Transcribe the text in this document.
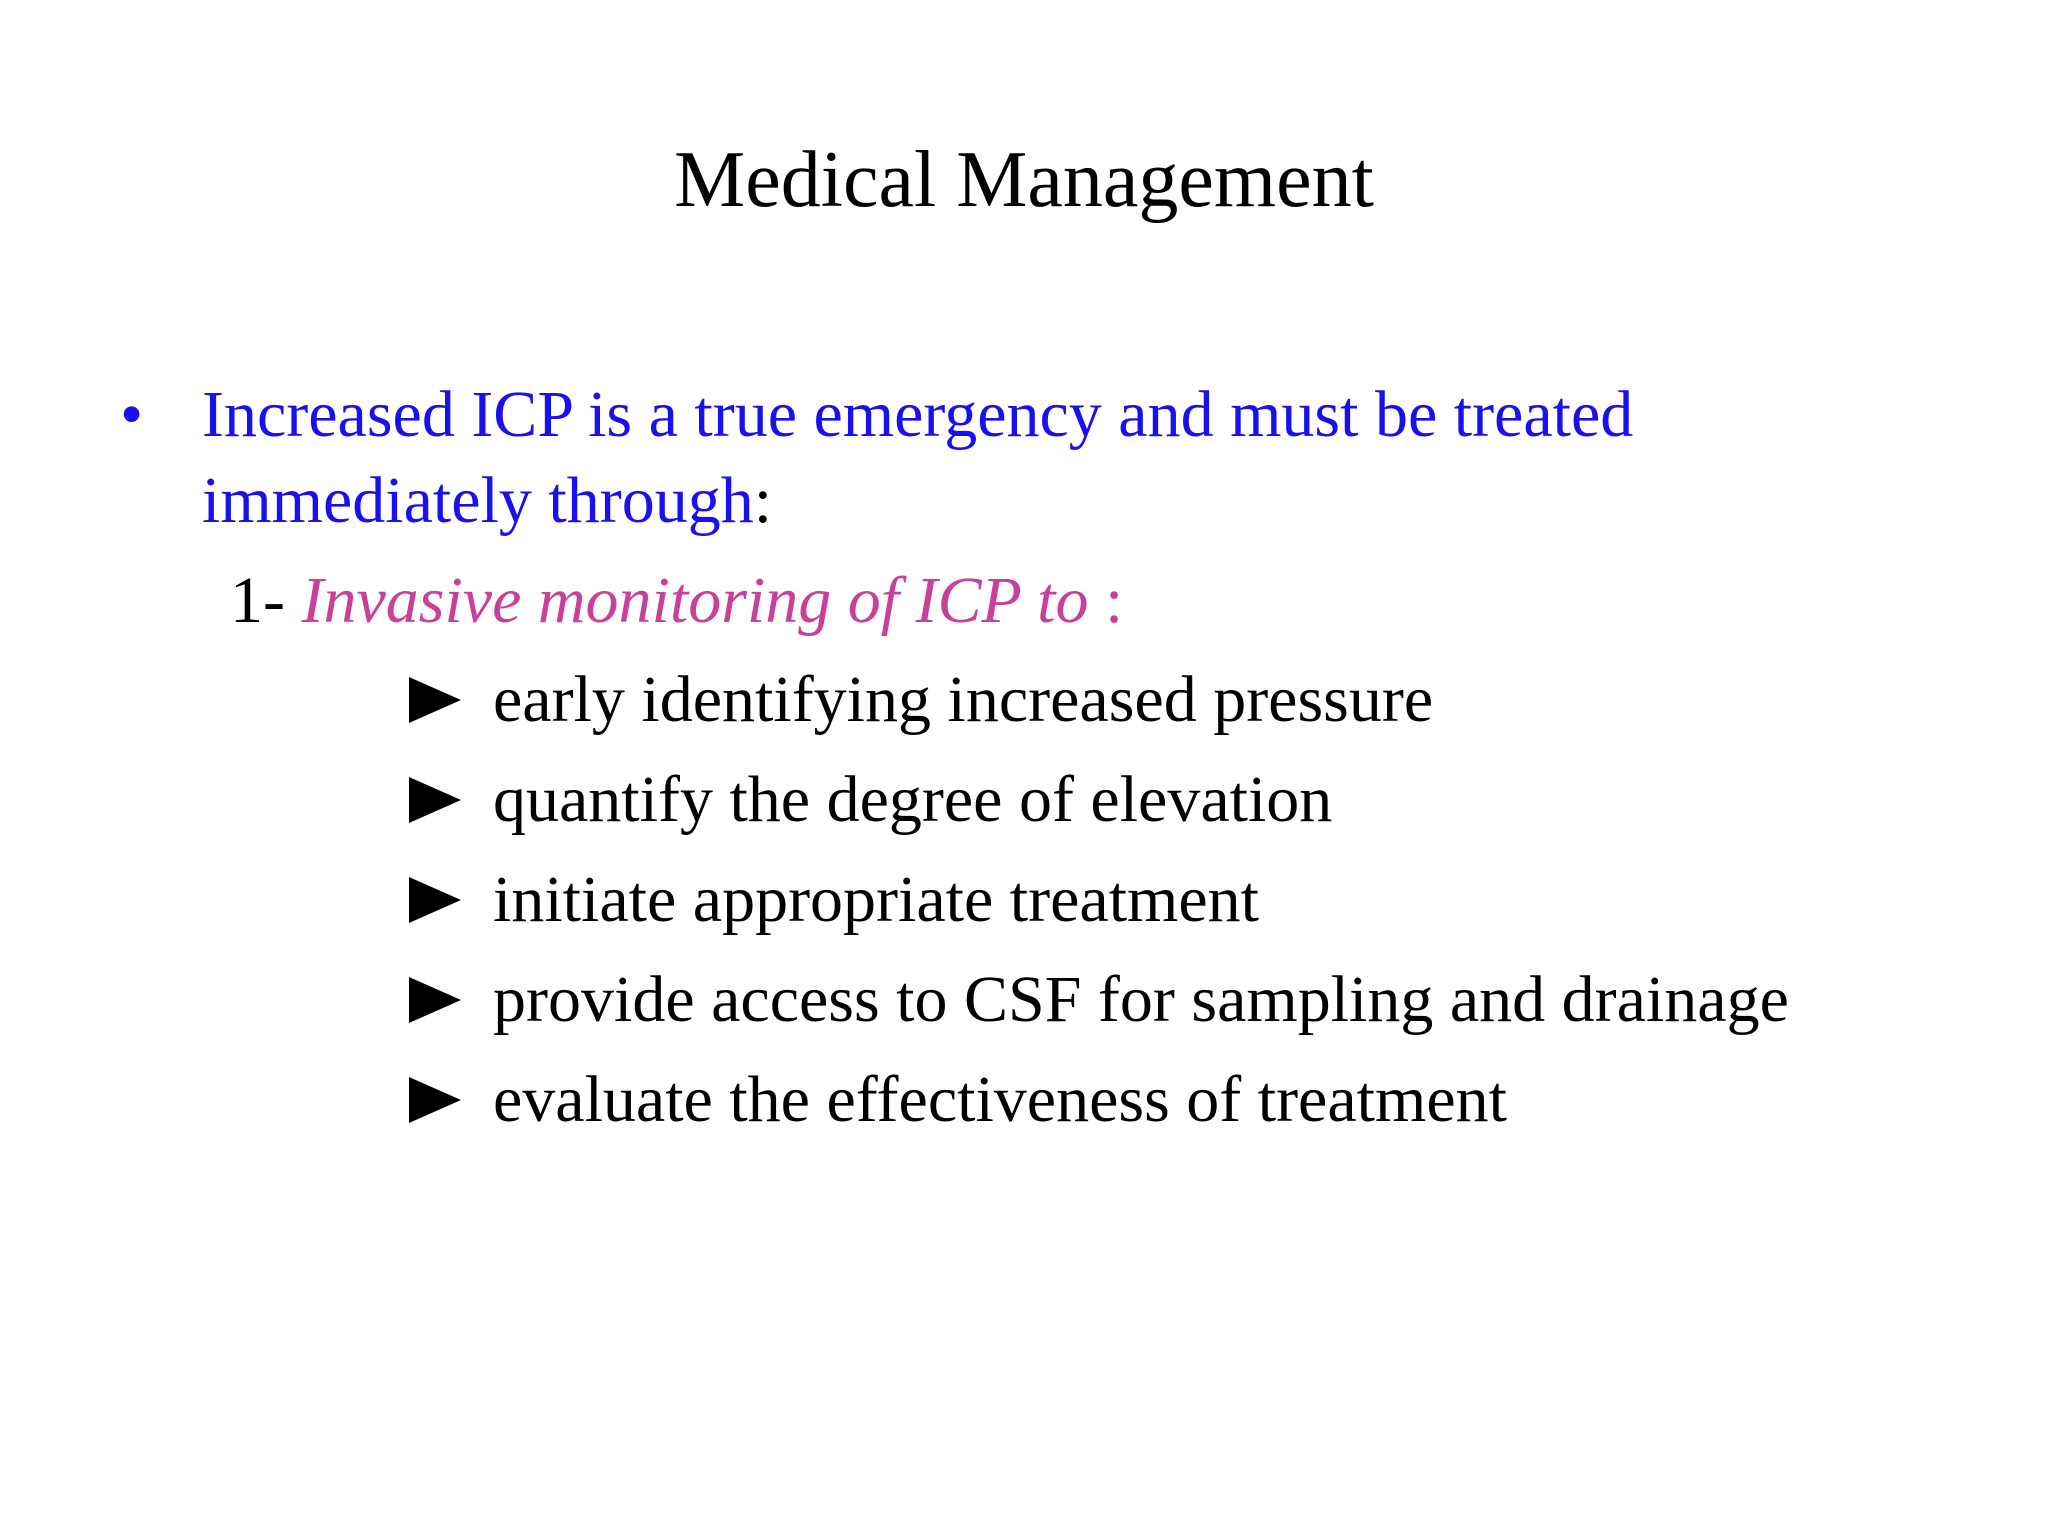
Medical Management
• Increased ICP is a true emergency and must be treated immediately through:
1- Invasive monitoring of ICP to :
early identifying increased pressure
quantify the degree of elevation
initiate appropriate treatment
provide access to CSF for sampling and drainage
evaluate the effectiveness of treatment
